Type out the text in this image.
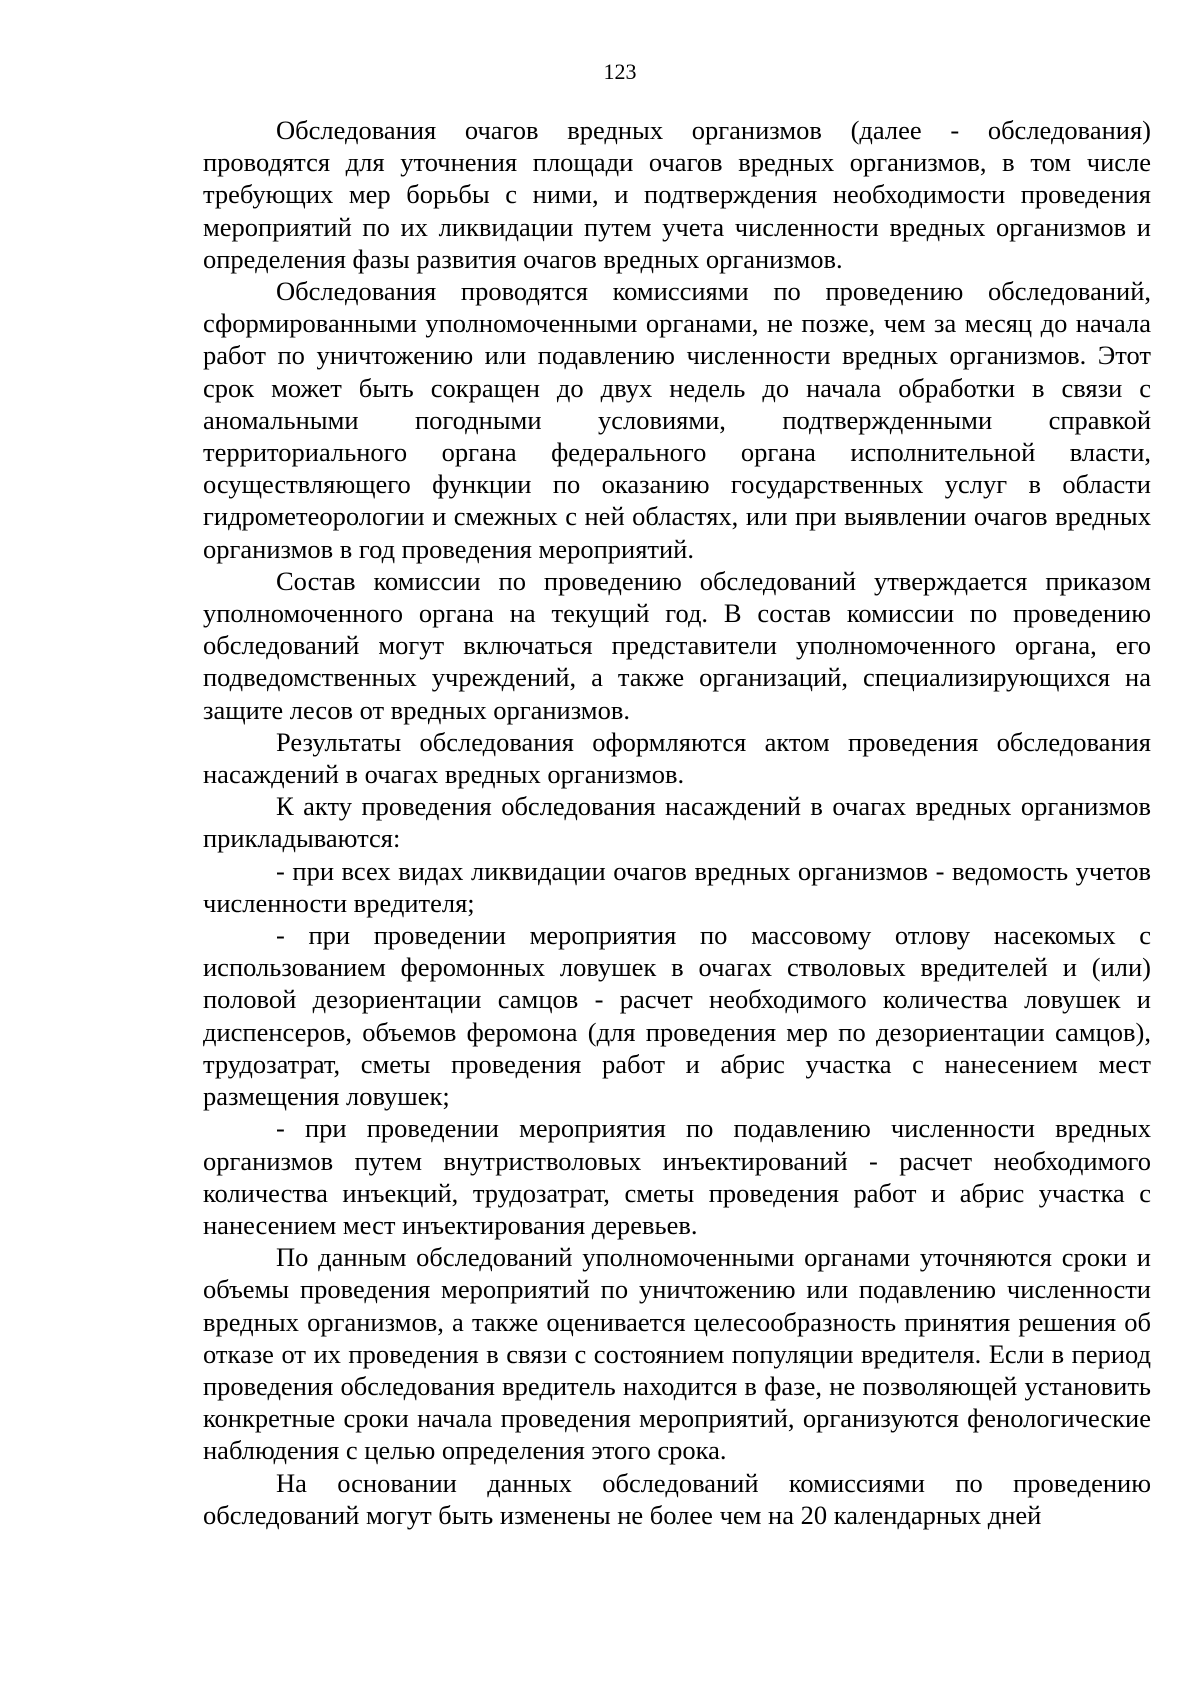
123

Обследования очагов вредных организмов (далее - обследования) проводятся для уточнения площади очагов вредных организмов, в том числе требующих мер борьбы с ними, и подтверждения необходимости проведения мероприятий по их ликвидации путем учета численности вредных организмов и определения фазы развития очагов вредных организмов.

Обследования проводятся комиссиями по проведению обследований, сформированными уполномоченными органами, не позже, чем за месяц до начала работ по уничтожению или подавлению численности вредных организмов. Этот срок может быть сокращен до двух недель до начала обработки в связи с аномальными погодными условиями, подтвержденными справкой территориального органа федерального органа исполнительной власти, осуществляющего функции по оказанию государственных услуг в области гидрометеорологии и смежных с ней областях, или при выявлении очагов вредных организмов в год проведения мероприятий.

Состав комиссии по проведению обследований утверждается приказом уполномоченного органа на текущий год. В состав комиссии по проведению обследований могут включаться представители уполномоченного органа, его подведомственных учреждений, а также организаций, специализирующихся на защите лесов от вредных организмов.

Результаты обследования оформляются актом проведения обследования насаждений в очагах вредных организмов.

К акту проведения обследования насаждений в очагах вредных организмов прикладываются:

- при всех видах ликвидации очагов вредных организмов - ведомость учетов численности вредителя;

- при проведении мероприятия по массовому отлову насекомых с использованием феромонных ловушек в очагах стволовых вредителей и (или) половой дезориентации самцов - расчет необходимого количества ловушек и диспенсеров, объемов феромона (для проведения мер по дезориентации самцов), трудозатрат, сметы проведения работ и абрис участка с нанесением мест размещения ловушек;

- при проведении мероприятия по подавлению численности вредных организмов путем внутристволовых инъектирований - расчет необходимого количества инъекций, трудозатрат, сметы проведения работ и абрис участка с нанесением мест инъектирования деревьев.

По данным обследований уполномоченными органами уточняются сроки и объемы проведения мероприятий по уничтожению или подавлению численности вредных организмов, а также оценивается целесообразность принятия решения об отказе от их проведения в связи с состоянием популяции вредителя. Если в период проведения обследования вредитель находится в фазе, не позволяющей установить конкретные сроки начала проведения мероприятий, организуются фенологические наблюдения с целью определения этого срока.

На основании данных обследований комиссиями по проведению обследований могут быть изменены не более чем на 20 календарных дней
